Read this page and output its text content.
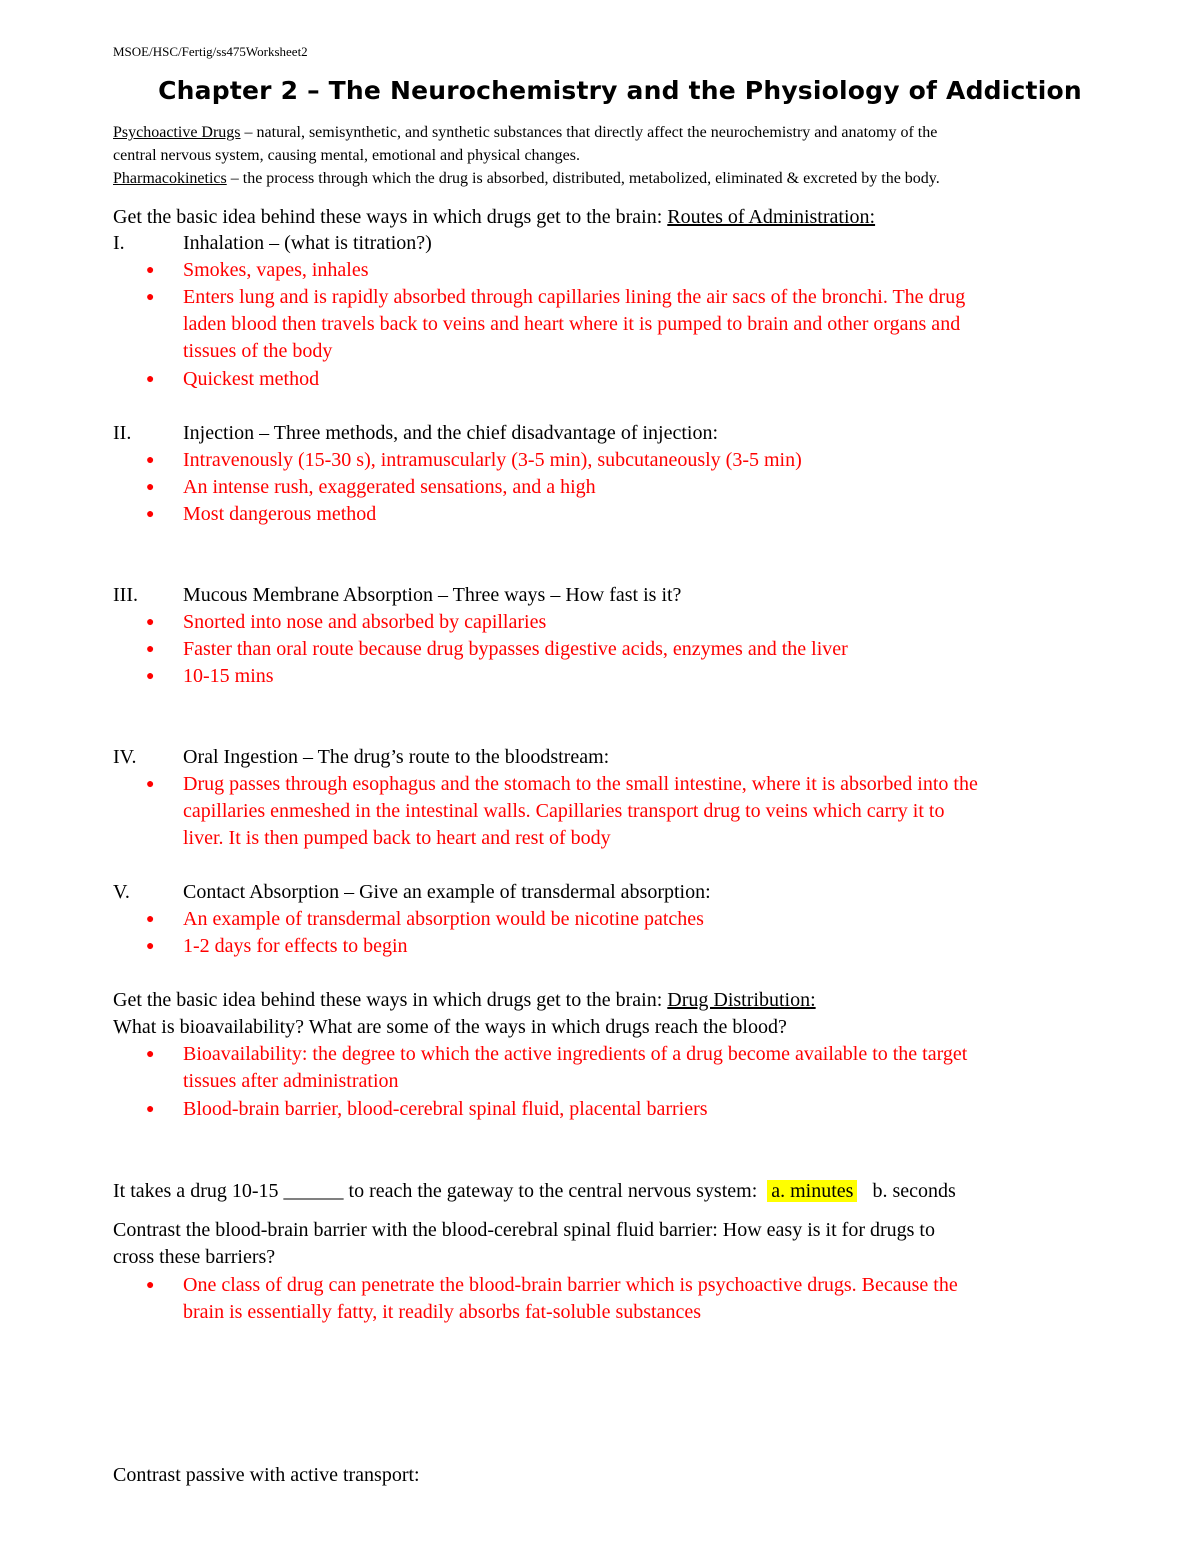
MSOE/HSC/Fertig/ss475Worksheet2
Chapter 2 – The Neurochemistry and the Physiology of Addiction
Psychoactive Drugs – natural, semisynthetic, and synthetic substances that directly affect the neurochemistry and anatomy of the
central nervous system, causing mental, emotional and physical changes.
Pharmacokinetics – the process through which the drug is absorbed, distributed, metabolized, eliminated & excreted by the body.
Get the basic idea behind these ways in which drugs get to the brain: Routes of Administration:
I.	Inhalation – (what is titration?)
● Smokes, vapes, inhales
● Enters lung and is rapidly absorbed through capillaries lining the air sacs of the bronchi. The drug
laden blood then travels back to veins and heart where it is pumped to brain and other organs and
tissues of the body
● Quickest method
II.	Injection – Three methods, and the chief disadvantage of injection:
● Intravenously (15-30 s), intramuscularly (3-5 min), subcutaneously (3-5 min)
● An intense rush, exaggerated sensations, and a high
● Most dangerous method
III. Mucous Membrane Absorption – Three ways – How fast is it?
● Snorted into nose and absorbed by capillaries
● Faster than oral route because drug bypasses digestive acids, enzymes and the liver
● 10-15 mins
IV. Oral Ingestion – The drug’s route to the bloodstream:
● Drug passes through esophagus and the stomach to the small intestine, where it is absorbed into the
capillaries enmeshed in the intestinal walls. Capillaries transport drug to veins which carry it to
liver. It is then pumped back to heart and rest of body
V.	Contact Absorption – Give an example of transdermal absorption:
● An example of transdermal absorption would be nicotine patches
● 1-2 days for effects to begin
Get the basic idea behind these ways in which drugs get to the brain: Drug Distribution:
What is bioavailability? What are some of the ways in which drugs reach the blood?
● Bioavailability: the degree to which the active ingredients of a drug become available to the target
tissues after administration
● Blood-brain barrier, blood-cerebral spinal fluid, placental barriers
It takes a drug 10-15 ______ to reach the gateway to the central nervous system: a. minutes b. seconds
Contrast the blood-brain barrier with the blood-cerebral spinal fluid barrier: How easy is it for drugs to
cross these barriers?
● One class of drug can penetrate the blood-brain barrier which is psychoactive drugs. Because the
brain is essentially fatty, it readily absorbs fat-soluble substances
Contrast passive with active transport:
